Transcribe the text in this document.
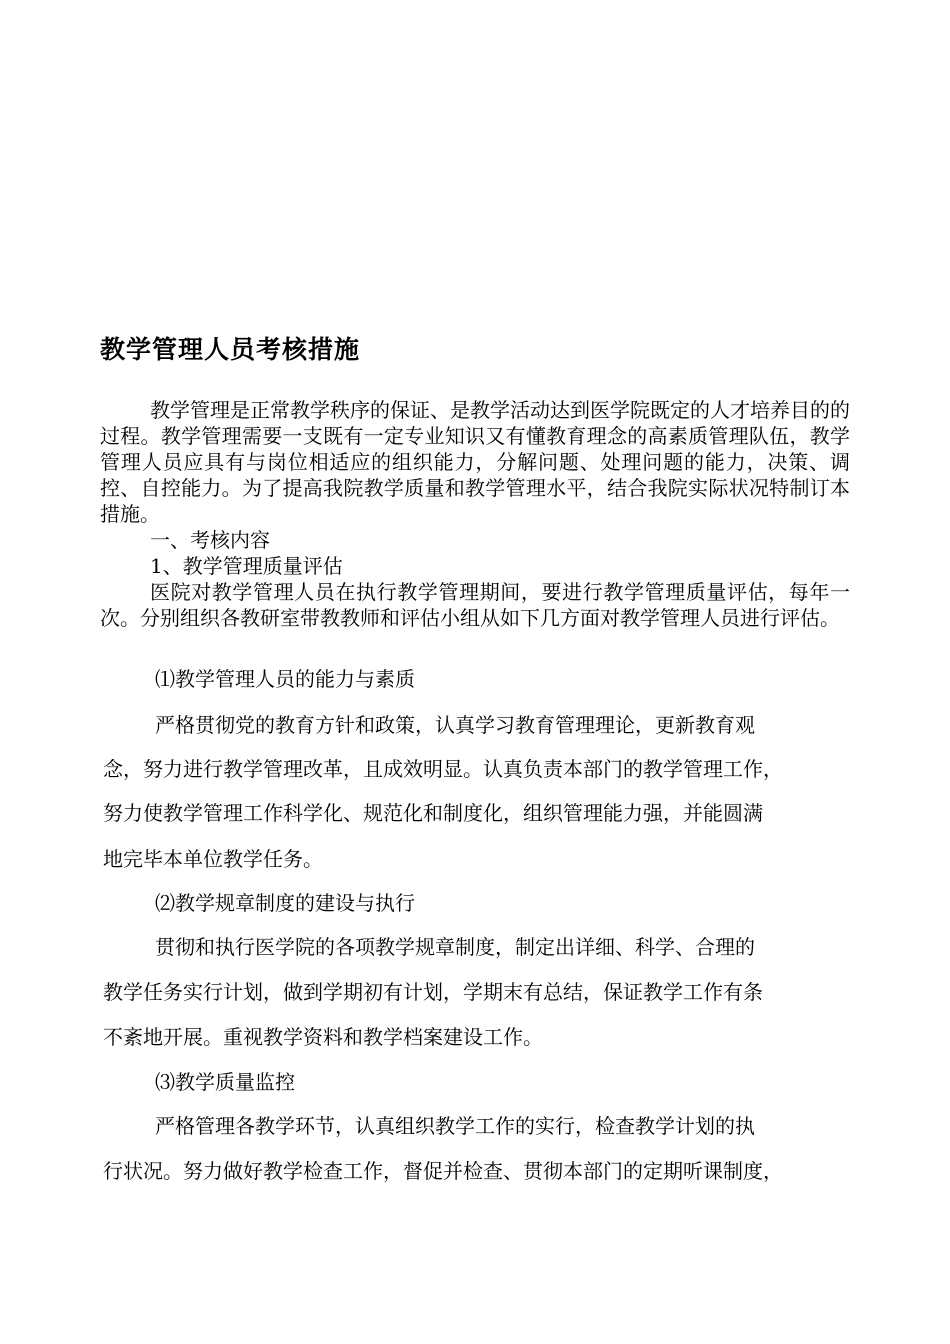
教学管理人员考核措施

教学管理是正常教学秩序的保证、是教学活动达到医学院既定的人才培养目的的过程。教学管理需要一支既有一定专业知识又有懂教育理念的高素质管理队伍，教学管理人员应具有与岗位相适应的组织能力，分解问题、处理问题的能力，决策、调控、自控能力。为了提高我院教学质量和教学管理水平，结合我院实际状况特制订本措施。

一、考核内容

1、教学管理质量评估

医院对教学管理人员在执行教学管理期间，要进行教学管理质量评估，每年一次。分别组织各教研室带教教师和评估小组从如下几方面对教学管理人员进行评估。

⑴教学管理人员的能力与素质

严格贯彻党的教育方针和政策，认真学习教育管理理论，更新教育观

念，努力进行教学管理改革，且成效明显。认真负责本部门的教学管理工作，

努力使教学管理工作科学化、规范化和制度化，组织管理能力强，并能圆满

地完毕本单位教学任务。

⑵教学规章制度的建设与执行

贯彻和执行医学院的各项教学规章制度，制定出详细、科学、合理的

教学任务实行计划，做到学期初有计划，学期末有总结，保证教学工作有条

不紊地开展。重视教学资料和教学档案建设工作。

⑶教学质量监控

严格管理各教学环节，认真组织教学工作的实行，检查教学计划的执

行状况。努力做好教学检查工作，督促并检查、贯彻本部门的定期听课制度，
